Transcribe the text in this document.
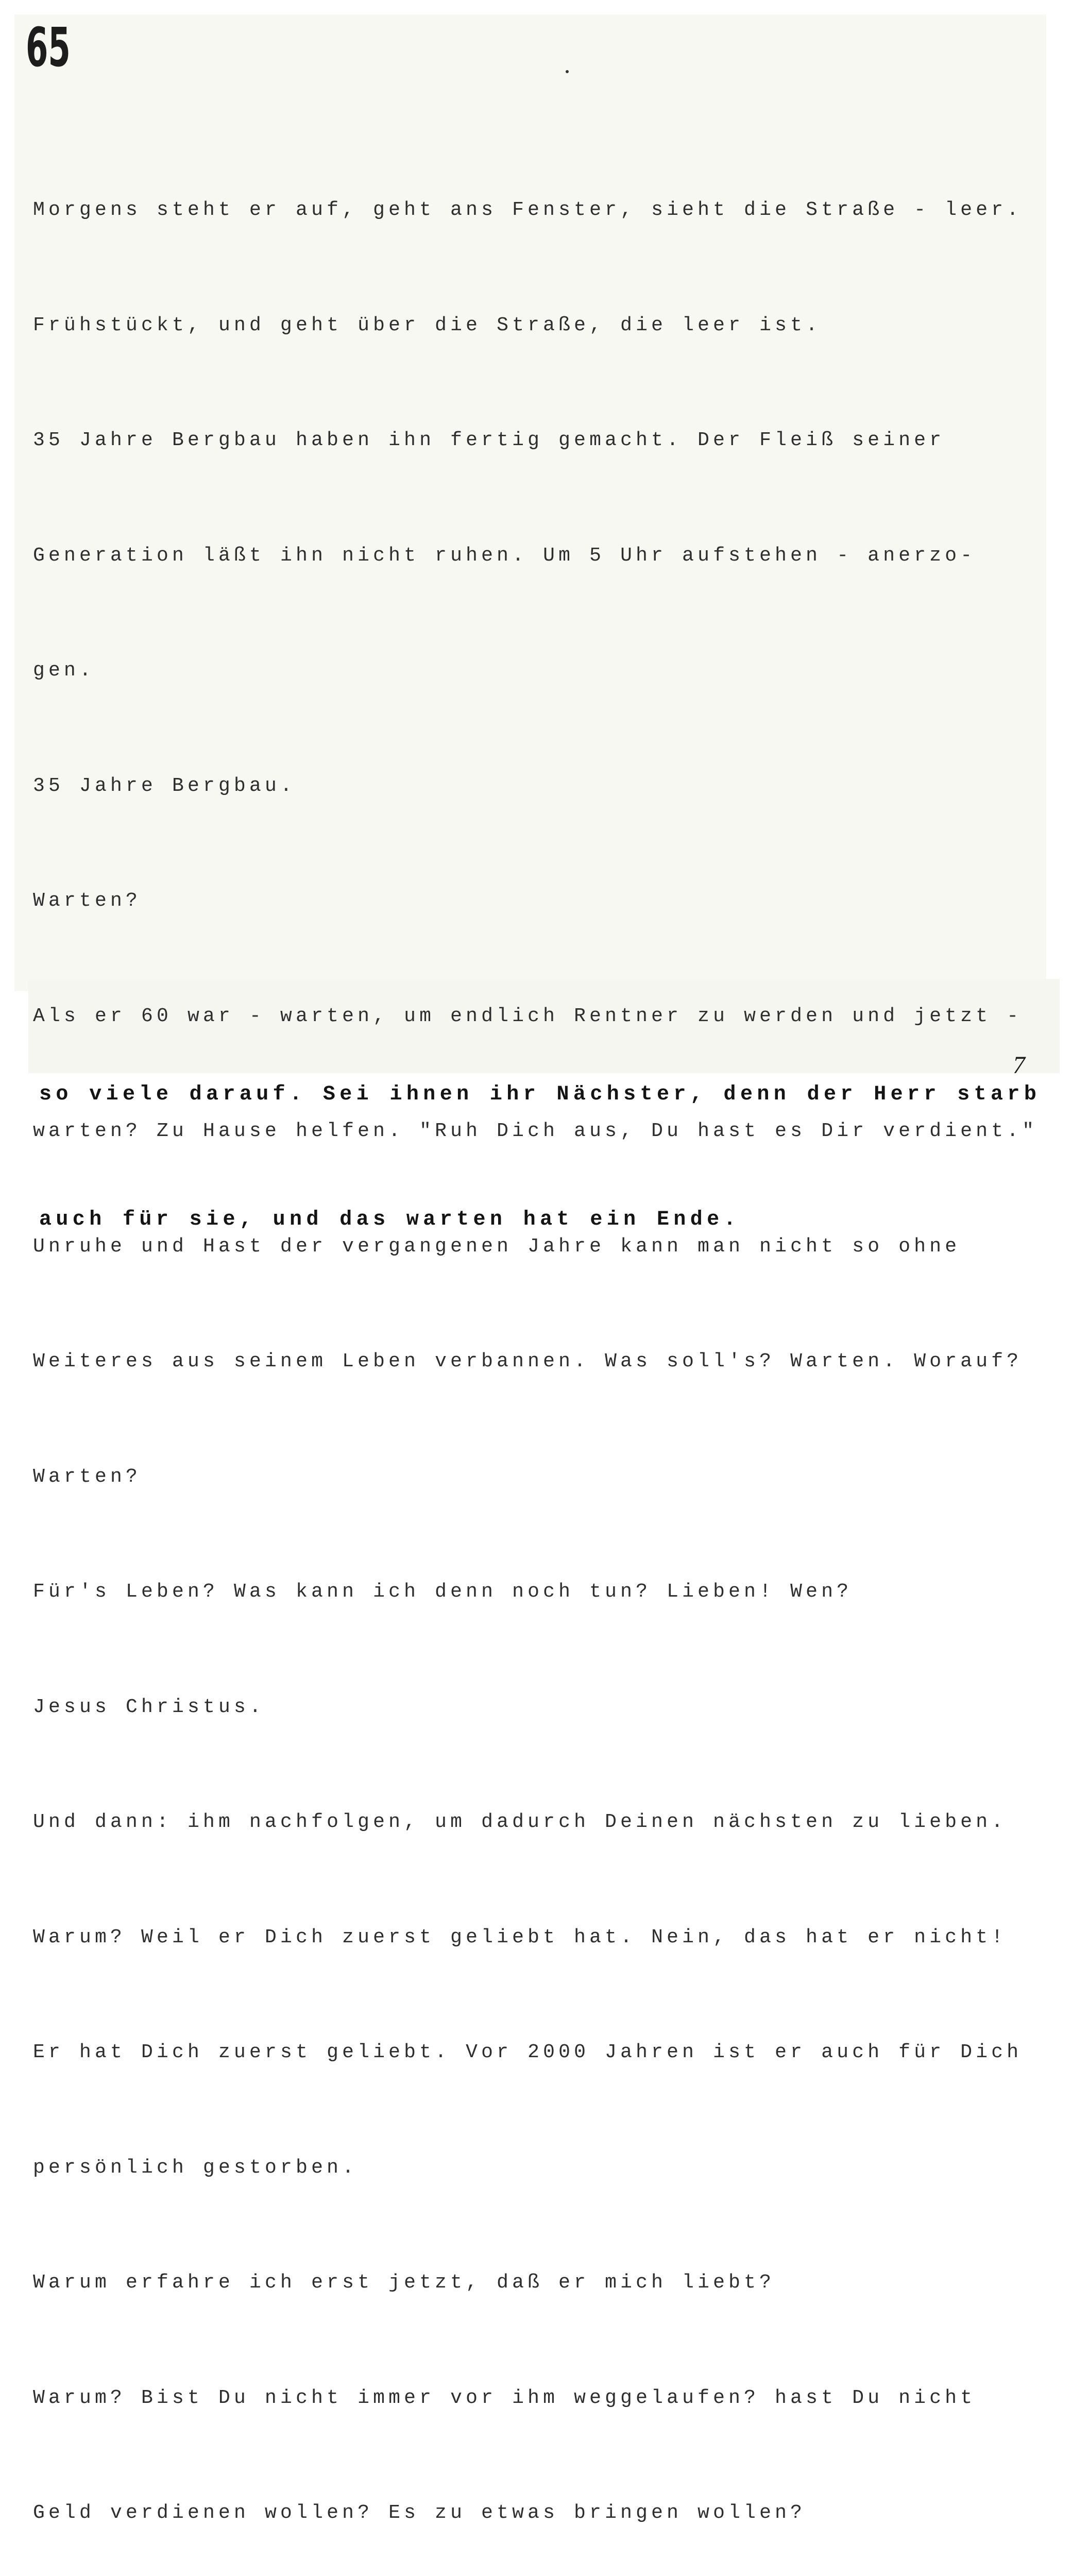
65

Morgens steht er auf, geht ans Fenster, sieht die Straße - leer.

Frühstückt, und geht über die Straße, die leer ist.

35 Jahre Bergbau haben ihn fertig gemacht. Der Fleiß seiner

Generation läßt ihn nicht ruhen. Um 5 Uhr aufstehen - anerzo-

gen.

35 Jahre Bergbau.

Warten?

Als er 60 war - warten, um endlich Rentner zu werden und jetzt -

warten? Zu Hause helfen. "Ruh Dich aus, Du hast es Dir verdient."

Unruhe und Hast der vergangenen Jahre kann man nicht so ohne

Weiteres aus seinem Leben verbannen. Was soll's? Warten. Worauf?

Warten?

Für's Leben? Was kann ich denn noch tun? Lieben! Wen?

Jesus Christus.

Und dann: ihm nachfolgen, um dadurch Deinen nächsten zu lieben.

Warum? Weil er Dich zuerst geliebt hat. Nein, das hat er nicht!

Er hat Dich zuerst geliebt. Vor 2000 Jahren ist er auch für Dich

persönlich gestorben.

Warum erfahre ich erst jetzt, daß er mich liebt?

Warum? Bist Du nicht immer vor ihm weggelaufen? hast Du nicht

Geld verdienen wollen? Es zu etwas bringen wollen?

so viele darauf. Sei ihnen ihr Nächster, denn der Herr starb

auch für sie, und das warten hat ein Ende.

7
